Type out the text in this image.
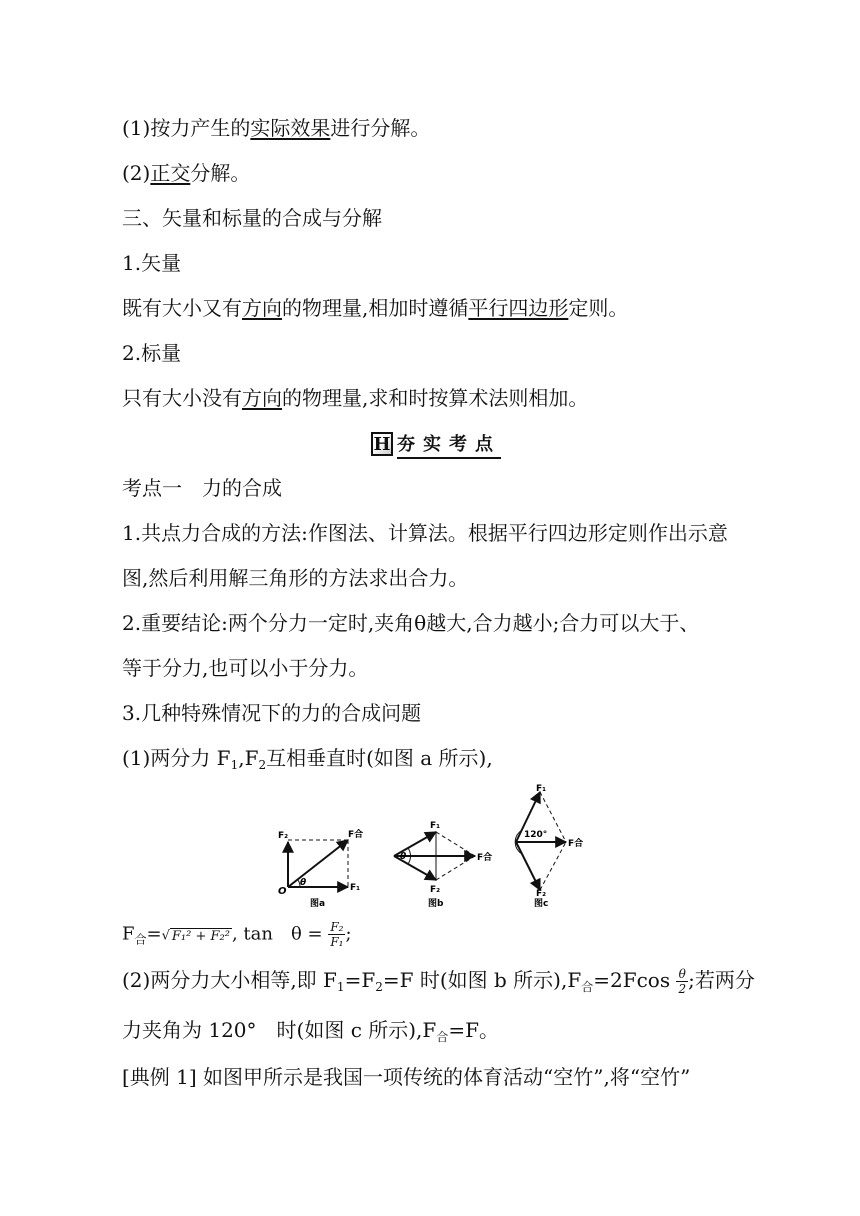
(1)按力产生的实际效果进行分解。
(2)正交分解。
三、矢量和标量的合成与分解
1.矢量
既有大小又有方向的物理量,相加时遵循平行四边形定则。
2.标量
只有大小没有方向的物理量,求和时按算术法则相加。
H 夯实考点
考点一　力的合成
1.共点力合成的方法:作图法、计算法。根据平行四边形定则作出示意
图,然后利用解三角形的方法求出合力。
2.重要结论:两个分力一定时,夹角θ越大,合力越小;合力可以大于、
等于分力,也可以小于分力。
3.几种特殊情况下的力的合成问题
(1)两分力 $F_1,F_2$互相垂直时(如图 a 所示),
O
θ
F₂
F₁
F合
图a
θ
F₁
F₂
F合
图b
120°
F₁
F₂
F合
图c
$F_合=√$ F₁² + F₂² , tan　$\theta = \frac{\text{F₂}}{\text{F₁}}$ ;
(2)两分力大小相等,即 $F_1=F_2=F$ 时(如图 b 所示)$,F_合=2Fcos \frac{\theta}{2}$ ;若两分
力夹角为 120°　时(如图 c 所示)$,F_合=F$。
[典例 1] 如图甲所示是我国一项传统的体育活动“空竹”,将“空竹”
